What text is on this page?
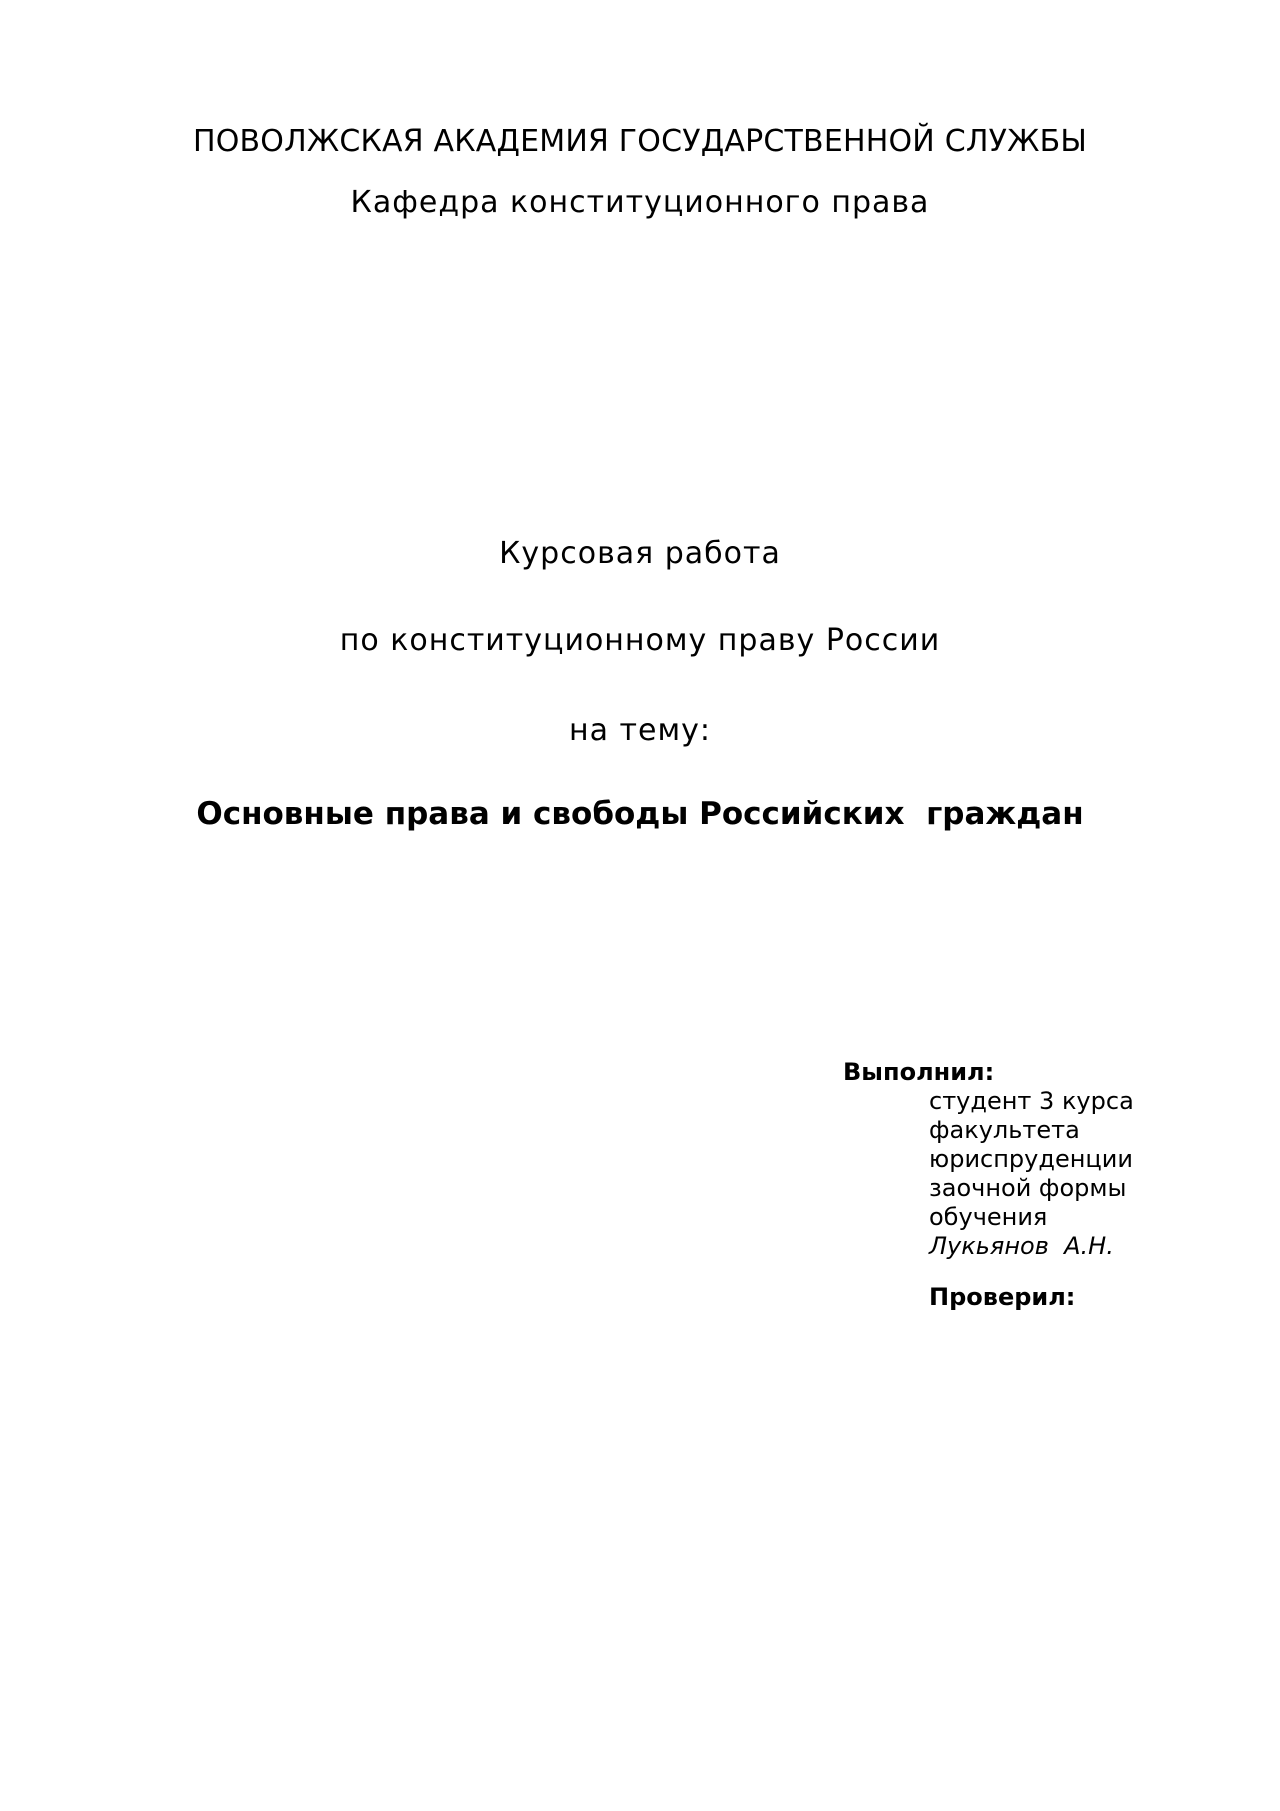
ПОВОЛЖСКАЯ АКАДЕМИЯ ГОСУДАРСТВЕННОЙ СЛУЖБЫ
Кафедра конституционного права
Курсовая работа
по конституционному праву России
на тему:
Основные права и свободы Российских  граждан
Выполнил:
студент 3 курса
факультета
юриспруденции
заочной формы
обучения
Лукьянов  А.Н.
Проверил:
